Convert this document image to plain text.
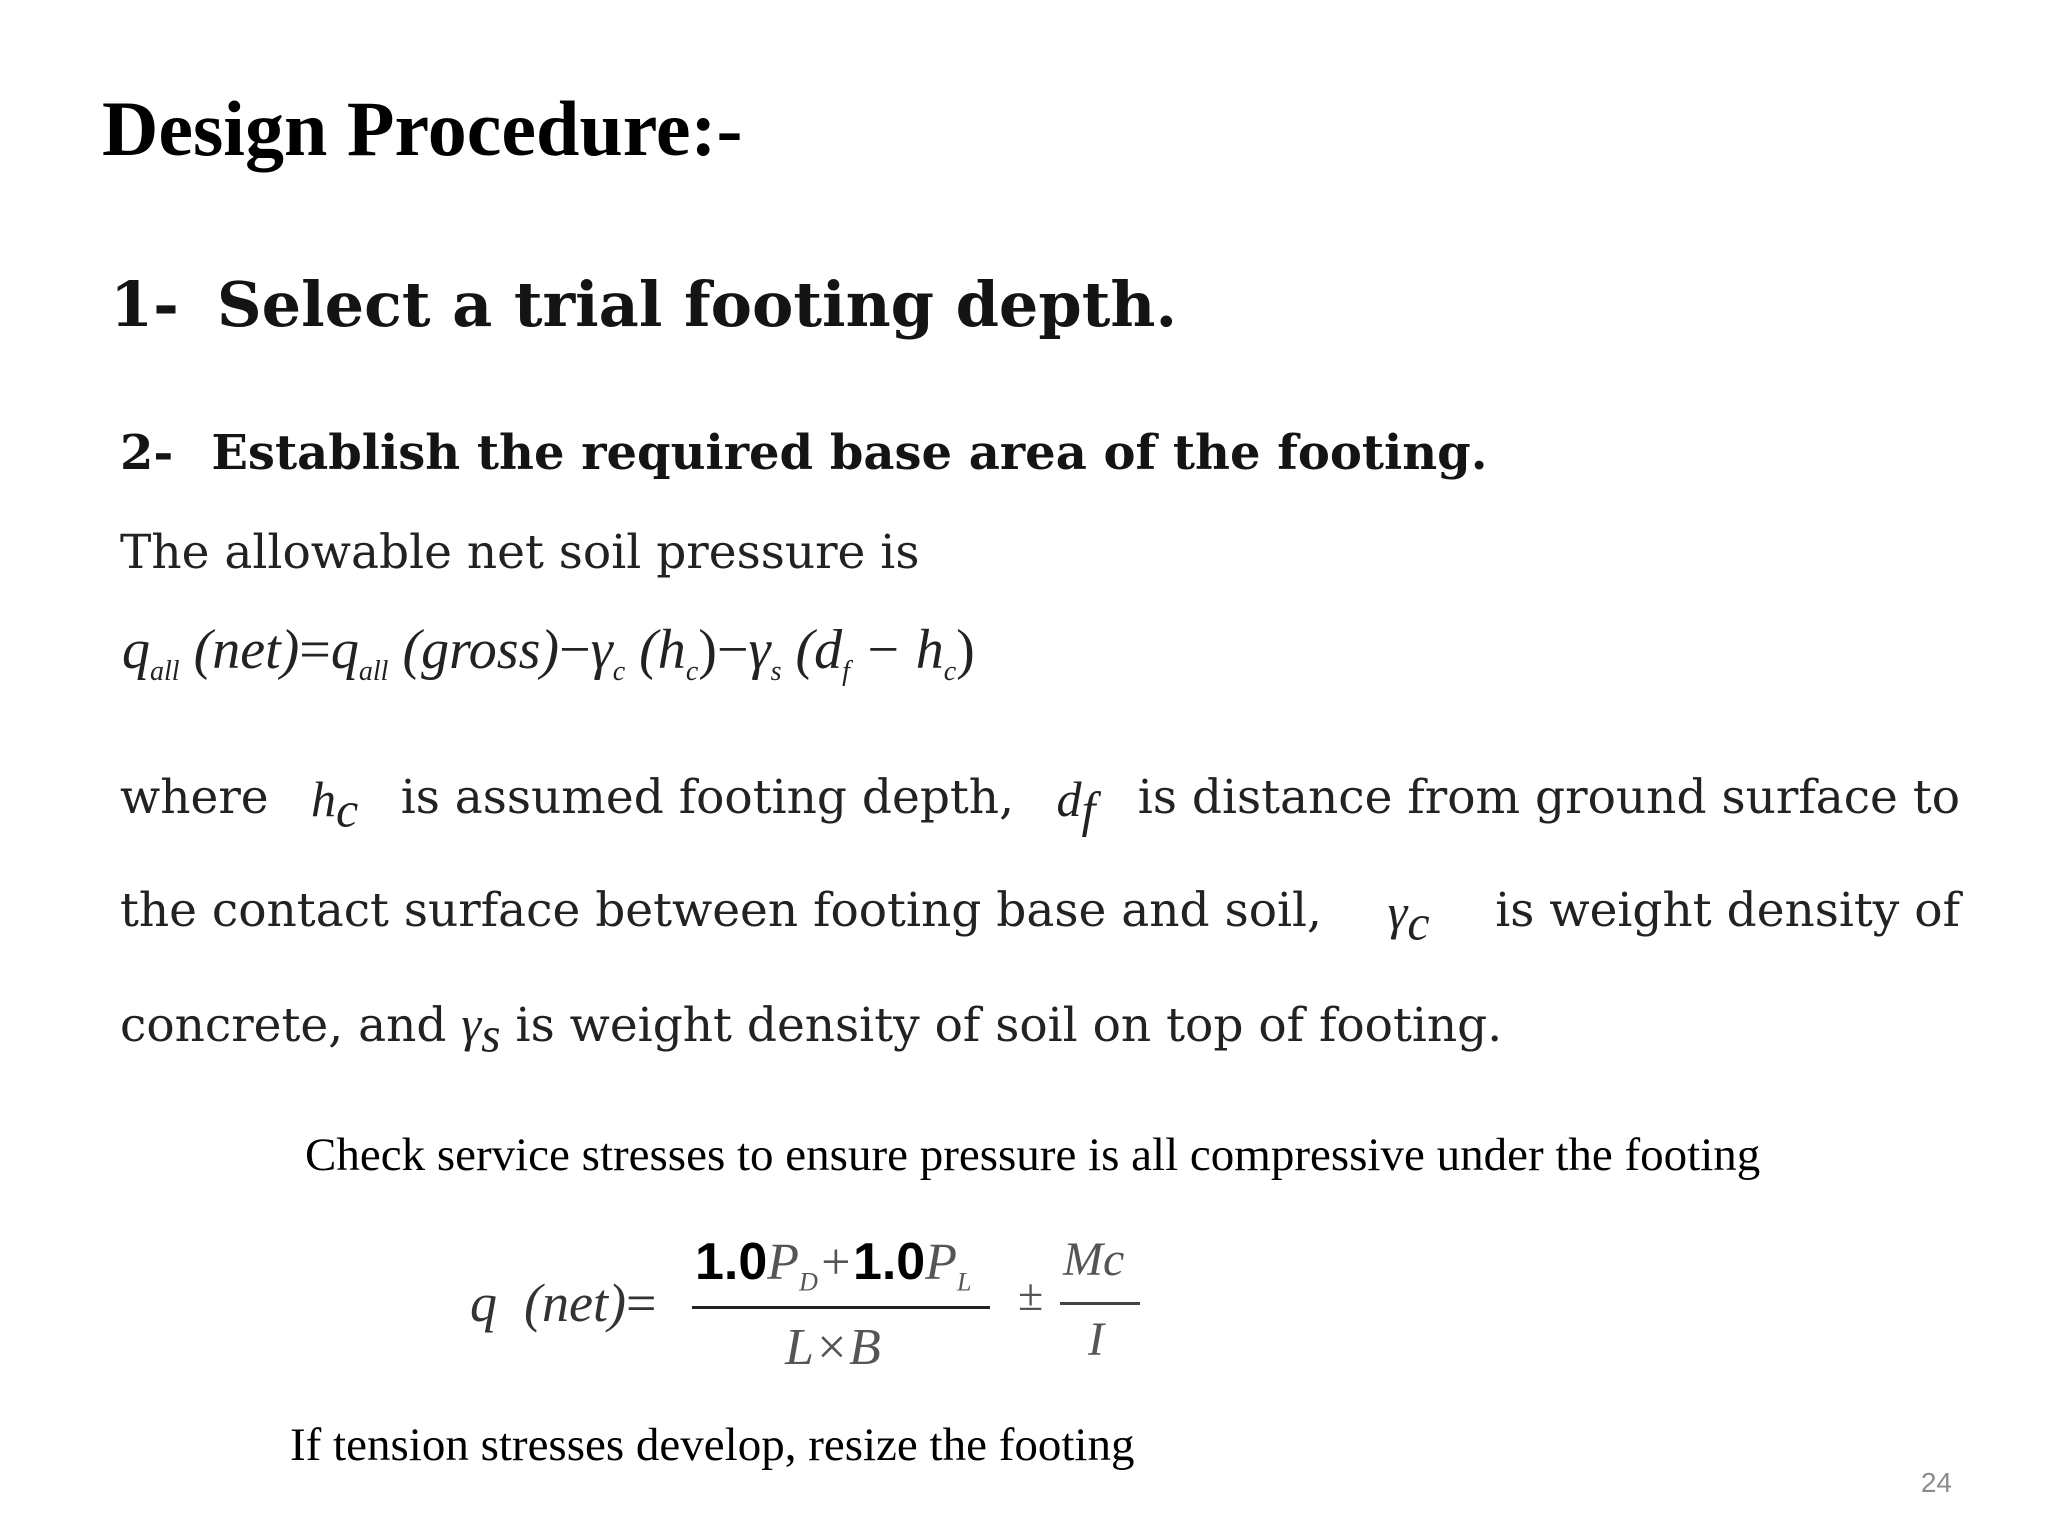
Design Procedure:-
1- Select a trial footing depth.
2- Establish the required base area of the footing.
The allowable net soil pressure is
$q_{all}$ $(net)=q_{all}$ $(gross)-\gamma_c$ $(h_c)-\gamma_s$ $(d_f - h_c)$
where $h_c$ is assumed footing depth, $d_f$ is distance from ground surface to
the contact surface between footing base and soil, $\gamma_c$ is weight density of
concrete, and $\gamma_s$ is weight density of soil on top of footing.
Check service stresses to ensure pressure is all compressive under the footing
q (net)=
$1.0P_D+1.0P_L$
L×B
±
Mc
I
If tension stresses develop, resize the footing
24
